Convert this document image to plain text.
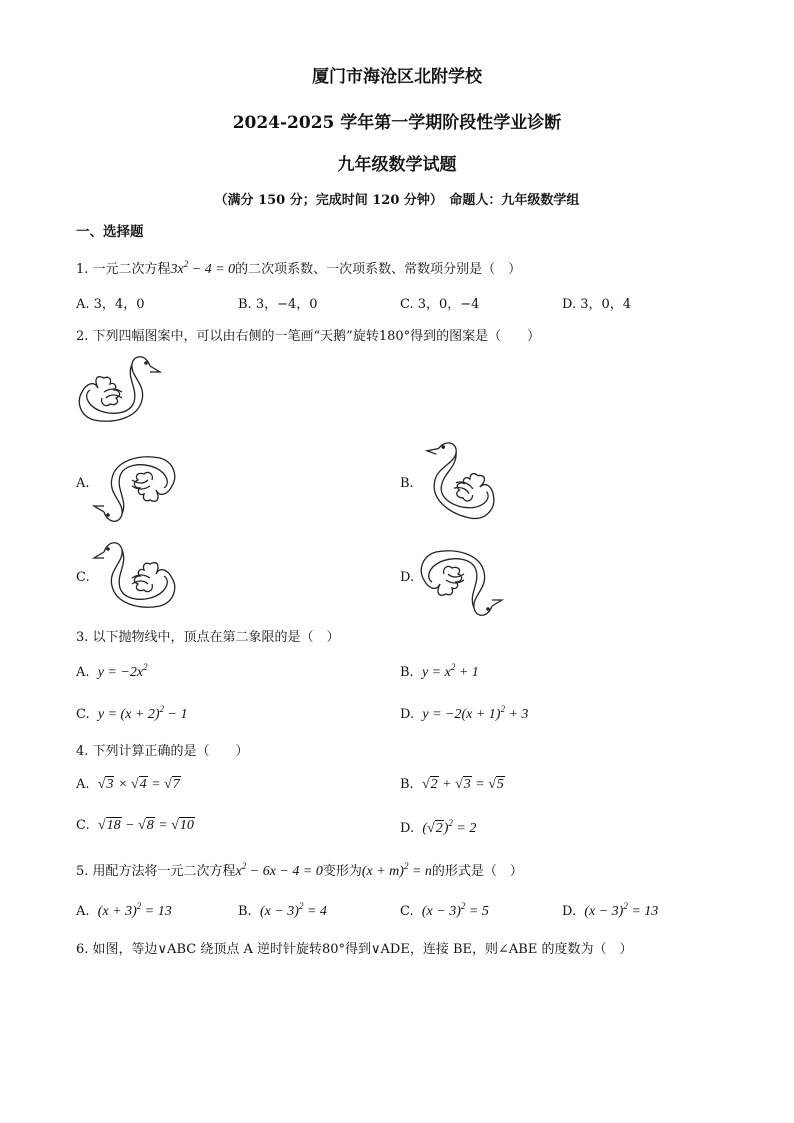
厦门市海沧区北附学校
2024-2025 学年第一学期阶段性学业诊断
九年级数学试题
（满分 150 分；完成时间 120 分钟）　命题人：九年级数学组
一、选择题
1. 一元二次方程$3x^2 - 4 = 0$的二次项系数、一次项系数、常数项分别是（　）
A. 3，4，0	B. 3，−4，0	C. 3，0，−4	D. 3，0，4
2. 下列四幅图案中，可以由右侧的一笔画“天鹅”旋转180°得到的图案是（　　）
A.	B.
C.	D.
3. 以下抛物线中，顶点在第二象限的是（　）
A. $y = -2x^2$	B. $y = x^2 + 1$
C. $y = (x + 2)^2 - 1$	D. $y = -2(x + 1)^2 + 3$
4. 下列计算正确的是（　　）
A. √3 × √4 = √7	B. √2 + √3 = √5
C. √18 − √8 = √10	D. $(√2)^2 = 2$
5. 用配方法将一元二次方程$x^2 - 6x - 4 = 0$变形为$(x + m)^2 = n$的形式是（　）
A. $(x + 3)^2 = 13$	B. $(x - 3)^2 = 4$	C. $(x - 3)^2 = 5$	D. $(x - 3)^2 = 13$
6. 如图，等边∨ABC 绕顶点 A 逆时针旋转80°得到∨ADE，连接 BE，则∠ABE 的度数为（　）
